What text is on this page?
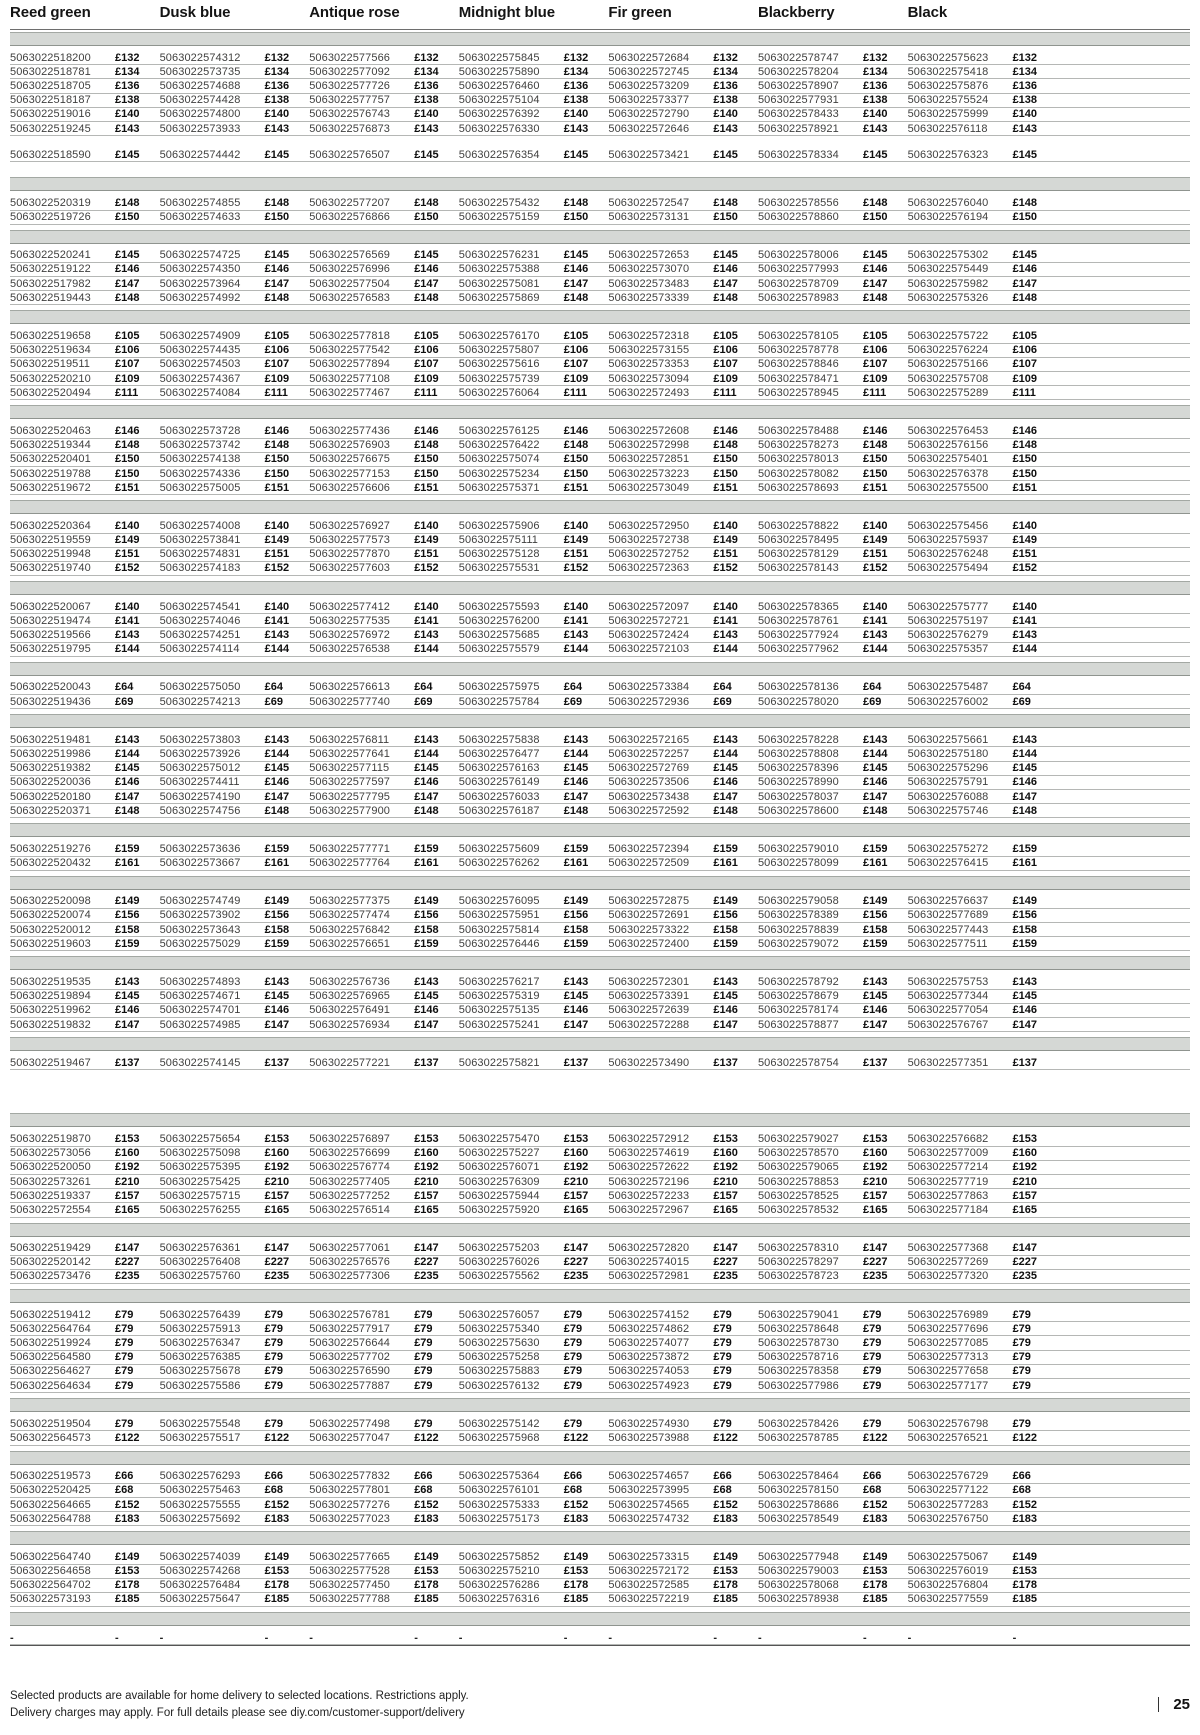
Reed green	Dusk blue	Antique rose	Midnight blue	Fir green	Blackberry	Black
5063022518200	£132 5063022574312	£132 5063022577566	£132 5063022575845	£132 5063022572684	£132 5063022578747	£132 5063022575623	£132
5063022518781	£134 5063022573735	£134 5063022577092	£134 5063022575890	£134 5063022572745	£134 5063022578204	£134 5063022575418	£134
5063022518705	£136 5063022574688	£136 5063022577726	£136 5063022576460	£136 5063022573209	£136 5063022578907	£136 5063022575876	£136
5063022518187	£138 5063022574428	£138 5063022577757	£138 5063022575104	£138 5063022573377	£138 5063022577931	£138 5063022575524	£138
5063022519016	£140 5063022574800	£140 5063022576743	£140 5063022576392	£140 5063022572790	£140 5063022578433	£140 5063022575999	£140
5063022519245	£143 5063022573933	£143 5063022576873	£143 5063022576330	£143 5063022572646	£143 5063022578921	£143 5063022576118	£143
5063022518590	£145 5063022574442	£145 5063022576507	£145 5063022576354	£145 5063022573421	£145 5063022578334	£145 5063022576323	£145
5063022520319	£148 5063022574855	£148 5063022577207	£148 5063022575432	£148 5063022572547	£148 5063022578556	£148 5063022576040	£148
5063022519726	£150 5063022574633	£150 5063022576866	£150 5063022575159	£150 5063022573131	£150 5063022578860	£150 5063022576194	£150
5063022520241	£145 5063022574725	£145 5063022576569	£145 5063022576231	£145 5063022572653	£145 5063022578006	£145 5063022575302	£145
5063022519122	£146 5063022574350	£146 5063022576996	£146 5063022575388	£146 5063022573070	£146 5063022577993	£146 5063022575449	£146
5063022517982	£147 5063022573964	£147 5063022577504	£147 5063022575081	£147 5063022573483	£147 5063022578709	£147 5063022575982	£147
5063022519443	£148 5063022574992	£148 5063022576583	£148 5063022575869	£148 5063022573339	£148 5063022578983	£148 5063022575326	£148
5063022519658	£105 5063022574909	£105 5063022577818	£105 5063022576170	£105 5063022572318	£105 5063022578105	£105 5063022575722	£105
5063022519634	£106 5063022574435	£106 5063022577542	£106 5063022575807	£106 5063022573155	£106 5063022578778	£106 5063022576224	£106
5063022519511	£107 5063022574503	£107 5063022577894	£107 5063022575616	£107 5063022573353	£107 5063022578846	£107 5063022575166	£107
5063022520210	£109 5063022574367	£109 5063022577108	£109 5063022575739	£109 5063022573094	£109 5063022578471	£109 5063022575708	£109
5063022520494	£111 5063022574084	£111 5063022577467	£111 5063022576064	£111 5063022572493	£111 5063022578945	£111 5063022575289	£111
5063022520463	£146 5063022573728	£146 5063022577436	£146 5063022576125	£146 5063022572608	£146 5063022578488	£146 5063022576453	£146
5063022519344	£148 5063022573742	£148 5063022576903	£148 5063022576422	£148 5063022572998	£148 5063022578273	£148 5063022576156	£148
5063022520401	£150 5063022574138	£150 5063022576675	£150 5063022575074	£150 5063022572851	£150 5063022578013	£150 5063022575401	£150
5063022519788	£150 5063022574336	£150 5063022577153	£150 5063022575234	£150 5063022573223	£150 5063022578082	£150 5063022576378	£150
5063022519672	£151 5063022575005	£151 5063022576606	£151 5063022575371	£151 5063022573049	£151 5063022578693	£151 5063022575500	£151
5063022520364	£140 5063022574008	£140 5063022576927	£140 5063022575906	£140 5063022572950	£140 5063022578822	£140 5063022575456	£140
5063022519559	£149 5063022573841	£149 5063022577573	£149 5063022575111	£149 5063022572738	£149 5063022578495	£149 5063022575937	£149
5063022519948	£151 5063022574831	£151 5063022577870	£151 5063022575128	£151 5063022572752	£151 5063022578129	£151 5063022576248	£151
5063022519740	£152 5063022574183	£152 5063022577603	£152 5063022575531	£152 5063022572363	£152 5063022578143	£152 5063022575494	£152
5063022520067	£140 5063022574541	£140 5063022577412	£140 5063022575593	£140 5063022572097	£140 5063022578365	£140 5063022575777	£140
5063022519474	£141 5063022574046	£141 5063022577535	£141 5063022576200	£141 5063022572721	£141 5063022578761	£141 5063022575197	£141
5063022519566	£143 5063022574251	£143 5063022576972	£143 5063022575685	£143 5063022572424	£143 5063022577924	£143 5063022576279	£143
5063022519795	£144 5063022574114	£144 5063022576538	£144 5063022575579	£144 5063022572103	£144 5063022577962	£144 5063022575357	£144
5063022520043	£64 5063022575050	£64 5063022576613	£64 5063022575975	£64 5063022573384	£64 5063022578136	£64 5063022575487	£64
5063022519436	£69 5063022574213	£69 5063022577740	£69 5063022575784	£69 5063022572936	£69 5063022578020	£69 5063022576002	£69
5063022519481	£143 5063022573803	£143 5063022576811	£143 5063022575838	£143 5063022572165	£143 5063022578228	£143 5063022575661	£143
5063022519986	£144 5063022573926	£144 5063022577641	£144 5063022576477	£144 5063022572257	£144 5063022578808	£144 5063022575180	£144
5063022519382	£145 5063022575012	£145 5063022577115	£145 5063022576163	£145 5063022572769	£145 5063022578396	£145 5063022575296	£145
5063022520036	£146 5063022574411	£146 5063022577597	£146 5063022576149	£146 5063022573506	£146 5063022578990	£146 5063022575791	£146
5063022520180	£147 5063022574190	£147 5063022577795	£147 5063022576033	£147 5063022573438	£147 5063022578037	£147 5063022576088	£147
5063022520371	£148 5063022574756	£148 5063022577900	£148 5063022576187	£148 5063022572592	£148 5063022578600	£148 5063022575746	£148
5063022519276	£159 5063022573636	£159 5063022577771	£159 5063022575609	£159 5063022572394	£159 5063022579010	£159 5063022575272	£159
5063022520432	£161 5063022573667	£161 5063022577764	£161 5063022576262	£161 5063022572509	£161 5063022578099	£161 5063022576415	£161
5063022520098	£149 5063022574749	£149 5063022577375	£149 5063022576095	£149 5063022572875	£149 5063022579058	£149 5063022576637	£149
5063022520074	£156 5063022573902	£156 5063022577474	£156 5063022575951	£156 5063022572691	£156 5063022578389	£156 5063022577689	£156
5063022520012	£158 5063022573643	£158 5063022576842	£158 5063022575814	£158 5063022573322	£158 5063022578839	£158 5063022577443	£158
5063022519603	£159 5063022575029	£159 5063022576651	£159 5063022576446	£159 5063022572400	£159 5063022579072	£159 5063022577511	£159
5063022519535	£143 5063022574893	£143 5063022576736	£143 5063022576217	£143 5063022572301	£143 5063022578792	£143 5063022575753	£143
5063022519894	£145 5063022574671	£145 5063022576965	£145 5063022575319	£145 5063022573391	£145 5063022578679	£145 5063022577344	£145
5063022519962	£146 5063022574701	£146 5063022576491	£146 5063022575135	£146 5063022572639	£146 5063022578174	£146 5063022577054	£146
5063022519832	£147 5063022574985	£147 5063022576934	£147 5063022575241	£147 5063022572288	£147 5063022578877	£147 5063022576767	£147
5063022519467	£137 5063022574145	£137 5063022577221	£137 5063022575821	£137 5063022573490	£137 5063022578754	£137 5063022577351	£137
5063022519870	£153 5063022575654	£153 5063022576897	£153 5063022575470	£153 5063022572912	£153 5063022579027	£153 5063022576682	£153
5063022573056	£160 5063022575098	£160 5063022576699	£160 5063022575227	£160 5063022574619	£160 5063022578570	£160 5063022577009	£160
5063022520050	£192 5063022575395	£192 5063022576774	£192 5063022576071	£192 5063022572622	£192 5063022579065	£192 5063022577214	£192
5063022573261	£210 5063022575425	£210 5063022577405	£210 5063022576309	£210 5063022572196	£210 5063022578853	£210 5063022577719	£210
5063022519337	£157 5063022575715	£157 5063022577252	£157 5063022575944	£157 5063022572233	£157 5063022578525	£157 5063022577863	£157
5063022572554	£165 5063022576255	£165 5063022576514	£165 5063022575920	£165 5063022572967	£165 5063022578532	£165 5063022577184	£165
5063022519429	£147 5063022576361	£147 5063022577061	£147 5063022575203	£147 5063022572820	£147 5063022578310	£147 5063022577368	£147
5063022520142	£227 5063022576408	£227 5063022576576	£227 5063022576026	£227 5063022574015	£227 5063022578297	£227 5063022577269	£227
5063022573476	£235 5063022575760	£235 5063022577306	£235 5063022575562	£235 5063022572981	£235 5063022578723	£235 5063022577320	£235
5063022519412	£79 5063022576439	£79 5063022576781	£79 5063022576057	£79 5063022574152	£79 5063022579041	£79 5063022576989	£79
5063022564764	£79 5063022575913	£79 5063022577917	£79 5063022575340	£79 5063022574862	£79 5063022578648	£79 5063022577696	£79
5063022519924	£79 5063022576347	£79 5063022576644	£79 5063022575630	£79 5063022574077	£79 5063022578730	£79 5063022577085	£79
5063022564580	£79 5063022576385	£79 5063022577702	£79 5063022575258	£79 5063022573872	£79 5063022578716	£79 5063022577313	£79
5063022564627	£79 5063022575678	£79 5063022576590	£79 5063022575883	£79 5063022574053	£79 5063022578358	£79 5063022577658	£79
5063022564634	£79 5063022575586	£79 5063022577887	£79 5063022576132	£79 5063022574923	£79 5063022577986	£79 5063022577177	£79
5063022519504	£79 5063022575548	£79 5063022577498	£79 5063022575142	£79 5063022574930	£79 5063022578426	£79 5063022576798	£79
5063022564573	£122 5063022575517	£122 5063022577047	£122 5063022575968	£122 5063022573988	£122 5063022578785	£122 5063022576521	£122
5063022519573	£66 5063022576293	£66 5063022577832	£66 5063022575364	£66 5063022574657	£66 5063022578464	£66 5063022576729	£66
5063022520425	£68 5063022575463	£68 5063022577801	£68 5063022576101	£68 5063022573995	£68 5063022578150	£68 5063022577122	£68
5063022564665	£152 5063022575555	£152 5063022577276	£152 5063022575333	£152 5063022574565	£152 5063022578686	£152 5063022577283	£152
5063022564788	£183 5063022575692	£183 5063022577023	£183 5063022575173	£183 5063022574732	£183 5063022578549	£183 5063022576750	£183
5063022564740	£149 5063022574039	£149 5063022577665	£149 5063022575852	£149 5063022573315	£149 5063022577948	£149 5063022575067	£149
5063022564658	£153 5063022574268	£153 5063022577528	£153 5063022575210	£153 5063022572172	£153 5063022579003	£153 5063022576019	£153
5063022564702	£178 5063022576484	£178 5063022577450	£178 5063022576286	£178 5063022572585	£178 5063022578068	£178 5063022576804	£178
5063022573193	£185 5063022575647	£185 5063022577788	£185 5063022576316	£185 5063022572219	£185 5063022578938	£185 5063022577559	£185
-	-	-	-	-	-	-	-	-	-	-	-	-	-
Selected products are available for home delivery to selected locations. Restrictions apply.
Delivery charges may apply. For full details please see diy.com/customer-support/delivery	25
